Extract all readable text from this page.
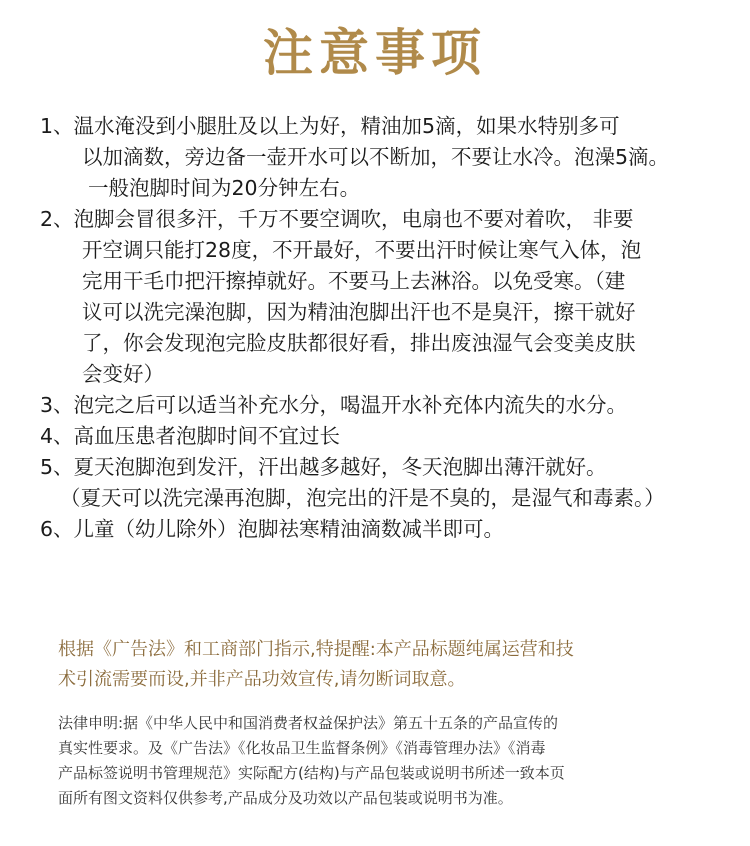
注意事项
1、温水淹没到小腿肚及以上为好，精油加5滴，如果水特别多可
以加滴数，旁边备一壶开水可以不断加，不要让水冷。泡澡5滴。
一般泡脚时间为20分钟左右。
2、泡脚会冒很多汗，千万不要空调吹，电扇也不要对着吹， 非要
开空调只能打28度，不开最好，不要出汗时候让寒气入体，泡
完用干毛巾把汗擦掉就好。不要马上去淋浴。以免受寒。（建
议可以洗完澡泡脚，因为精油泡脚出汗也不是臭汗，擦干就好
了，你会发现泡完脸皮肤都很好看，排出废浊湿气会变美皮肤
会变好）
3、泡完之后可以适当补充水分，喝温开水补充体内流失的水分。
4、高血压患者泡脚时间不宜过长
5、夏天泡脚泡到发汗，汗出越多越好，冬天泡脚出薄汗就好。
（夏天可以洗完澡再泡脚，泡完出的汗是不臭的，是湿气和毒素。）
6、儿童（幼儿除外）泡脚祛寒精油滴数减半即可。
根据《广告法》和工商部门指示,特提醒:本产品标题纯属运营和技
术引流需要而设,并非产品功效宣传,请勿断词取意。
法律申明:据《中华人民中和国消费者权益保护法》第五十五条的产品宣传的
真实性要求。及《广告法》《化妆品卫生监督条例》《消毒管理办法》《消毒
产品标签说明书管理规范》实际配方(结构)与产品包装或说明书所述一致本页
面所有图文资料仅供参考,产品成分及功效以产品包装或说明书为准。
